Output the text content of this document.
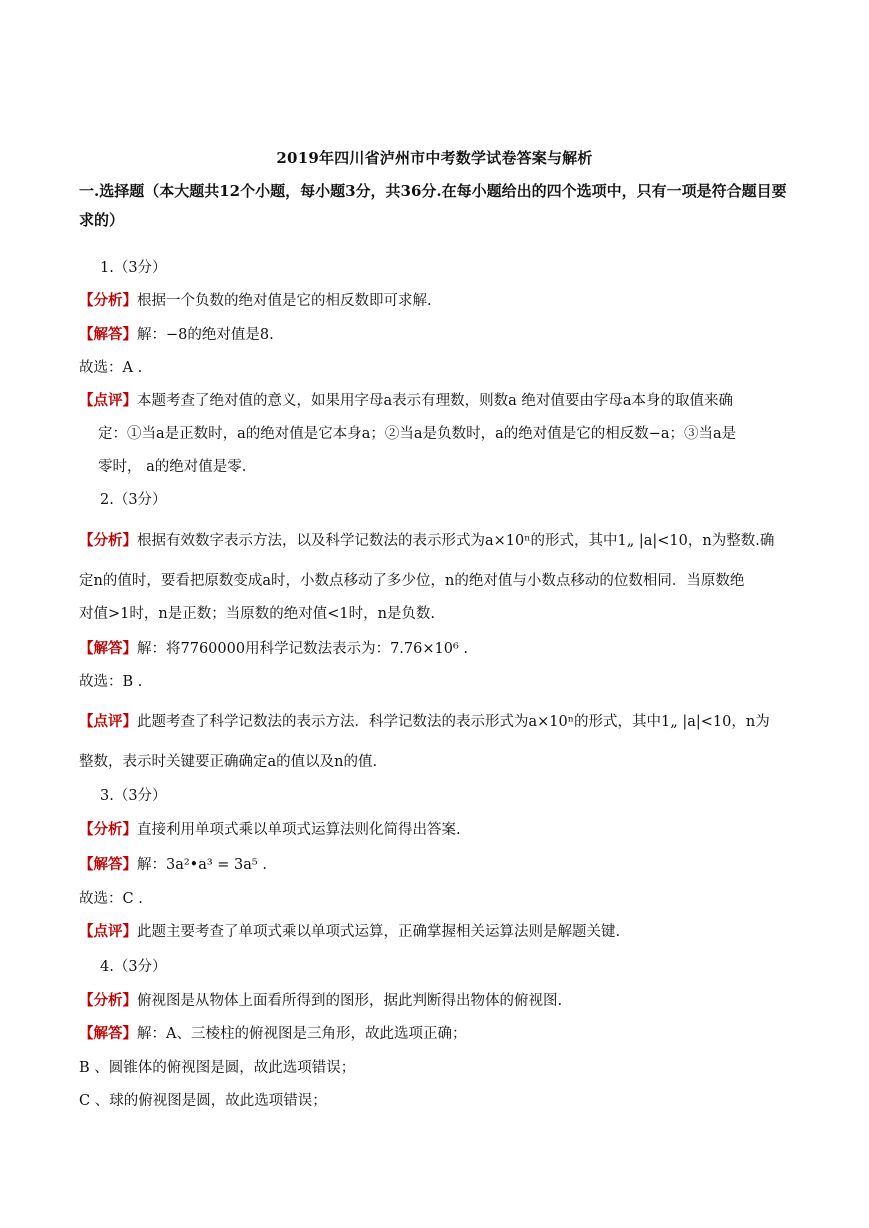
2019年四川省泸州市中考数学试卷答案与解析
一.选择题（本大题共12个小题，每小题3分，共36分.在每小题给出的四个选项中，只有一项是符合题目要求的）
1.（3分）
【分析】根据一个负数的绝对值是它的相反数即可求解.
【解答】解：−8的绝对值是8.
故选：A .
【点评】本题考查了绝对值的意义，如果用字母a表示有理数，则数a 绝对值要由字母a本身的取值来确
定：①当a是正数时，a的绝对值是它本身a；②当a是负数时，a的绝对值是它的相反数−a；③当a是
零时， a的绝对值是零.
2.（3分）
【分析】根据有效数字表示方法，以及科学记数法的表示形式为a×10ⁿ的形式，其中1„ |a|<10，n为整数.确
定n的值时，要看把原数变成a时，小数点移动了多少位，n的绝对值与小数点移动的位数相同．当原数绝
对值>1时，n是正数；当原数的绝对值<1时，n是负数.
【解答】解：将7760000用科学记数法表示为：7.76×10⁶ .
故选：B .
【点评】此题考查了科学记数法的表示方法．科学记数法的表示形式为a×10ⁿ的形式，其中1„ |a|<10，n为
整数，表示时关键要正确确定a的值以及n的值.
3.（3分）
【分析】直接利用单项式乘以单项式运算法则化简得出答案.
【解答】解：3a²•a³ = 3a⁵ .
故选：C .
【点评】此题主要考查了单项式乘以单项式运算，正确掌握相关运算法则是解题关键.
4.（3分）
【分析】俯视图是从物体上面看所得到的图形，据此判断得出物体的俯视图.
【解答】解：A、三棱柱的俯视图是三角形，故此选项正确；
B 、圆锥体的俯视图是圆，故此选项错误；
C 、球的俯视图是圆，故此选项错误；
